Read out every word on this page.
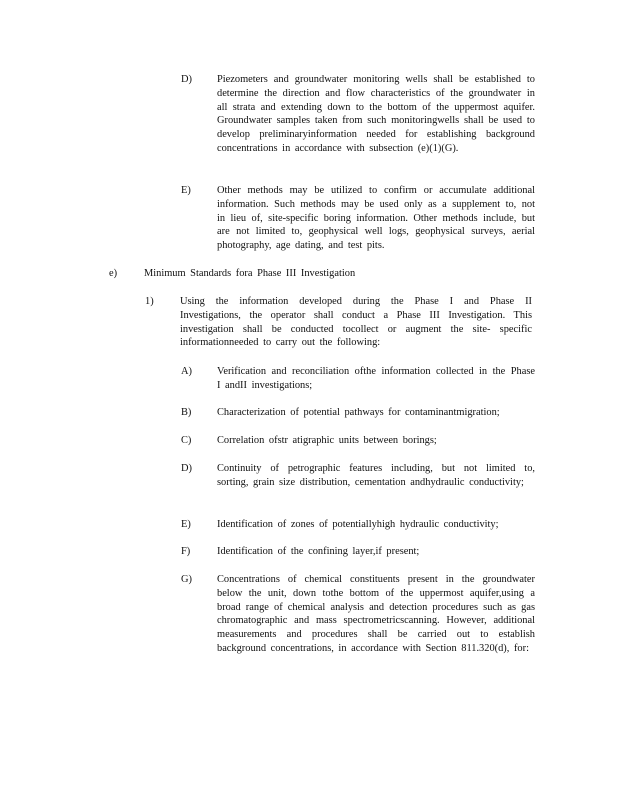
D) Piezometers and groundwater monitoring wells shall be established to determine the direction and flow characteristics of the groundwater in all strata and extending down to the bottom of the uppermost aquifer. Groundwater samples taken from such monitoringwells shall be used to develop preliminaryinformation needed for establishing background concentrations in accordance with subsection (e)(1)(G).
E)	Other methods may be utilized to confirm or accumulate additional information. Such methods may be used only as a supplement to, not in lieu of, site-specific boring information. Other methods include, but are not limited to, geophysical well logs, geophysical surveys, aerial photography, age dating, and test pits.
e)	Minimum Standards fora Phase III Investigation
1)	Using the information developed during the Phase I and Phase II Investigations, the operator shall conduct a Phase III Investigation. This investigation shall be conducted tocollect or augment the site- specific informationneeded to carry out the following:
A) Verification and reconciliation ofthe information collected in the Phase I andII investigations;
B) Characterization of potential pathways for contaminantmigration;
C) Correlation ofstr atigraphic units between borings;
D) Continuity of petrographic features including, but not limited to, sorting, grain size distribution, cementation andhydraulic conductivity;
E)	Identification of zones of potentiallyhigh hydraulic conductivity;
F)	Identification of the confining layer,if present;
G) Concentrations of chemical constituents present in the groundwater below the unit, down tothe bottom of the uppermost aquifer,using a broad range of chemical analysis and detection procedures such as gas chromatographic and mass spectrometricscanning. However, additional measurements and procedures shall be carried out to establish background concentrations, in accordance with Section 811.320(d), for:
